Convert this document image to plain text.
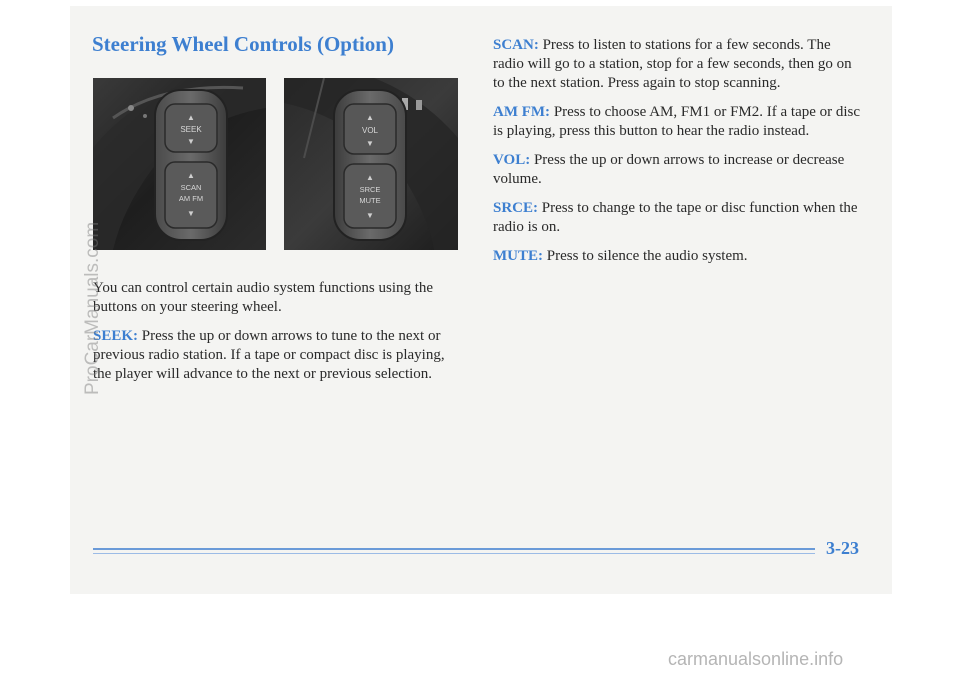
Steering Wheel Controls (Option)
▲
SEEK
▼
▲
SCAN
AM FM
▼
▲
VOL
▼
▲
SRCE
MUTE
▼

You can control certain audio system functions using the buttons on your steering wheel.

SEEK: Press the up or down arrows to tune to the next or previous radio station. If a tape or compact disc is playing, the player will advance to the next or previous selection.

SCAN: Press to listen to stations for a few seconds. The radio will go to a station, stop for a few seconds, then go on to the next station. Press again to stop scanning.

AM FM: Press to choose AM, FM1 or FM2. If a tape or disc is playing, press this button to hear the radio instead.

VOL: Press the up or down arrows to increase or decrease volume.

SRCE: Press to change to the tape or disc function when the radio is on.

MUTE: Press to silence the audio system.

3-23
ProCarManuals.com
carmanualsonline.info
